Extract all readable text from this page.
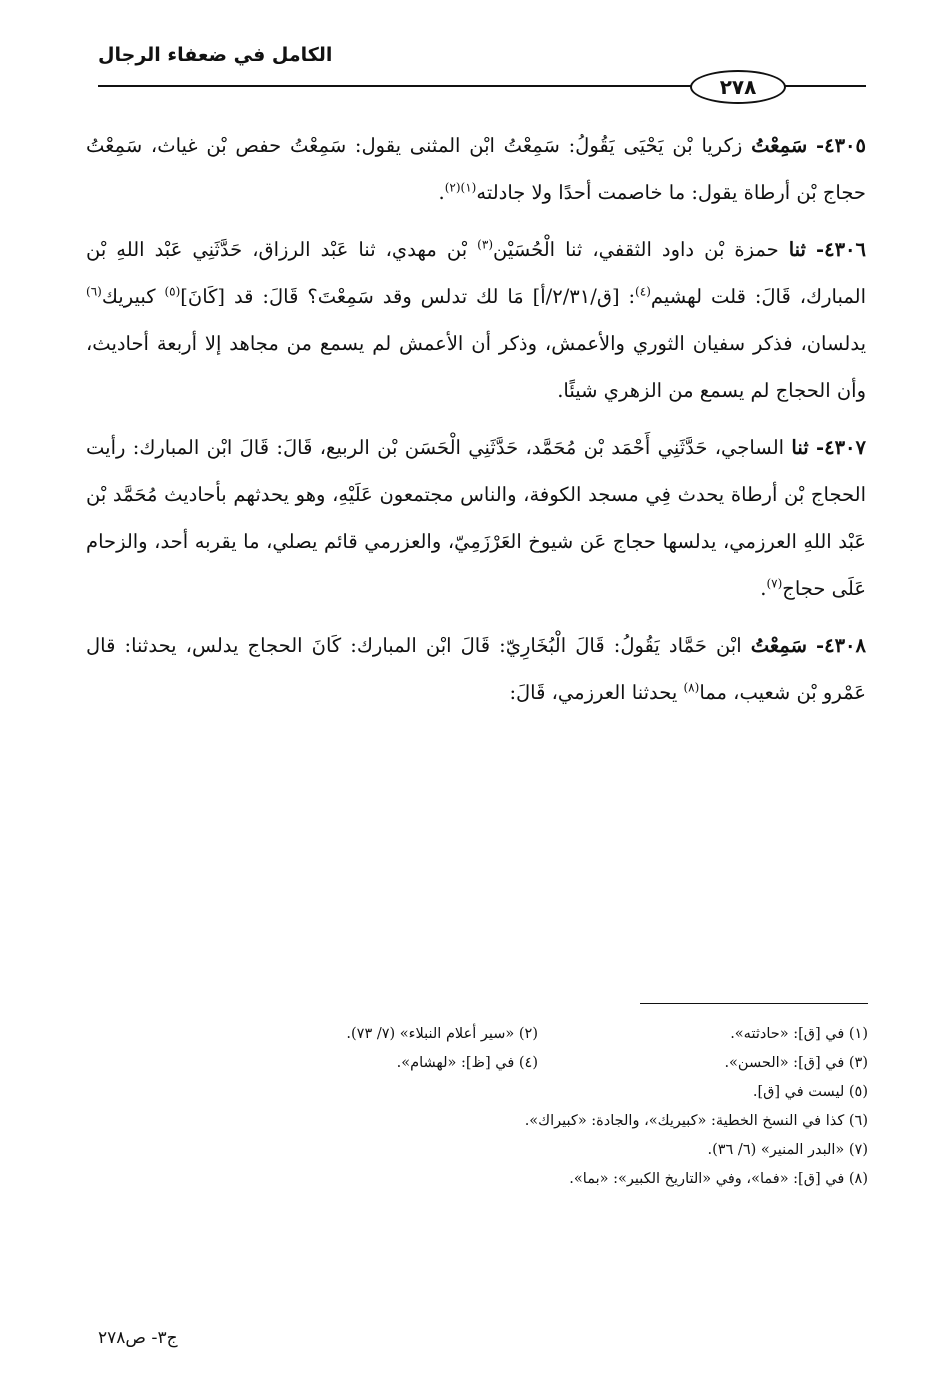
الكامل في ضعفاء الرجال
٢٧٨

٤٣٠٥- سَمِعْتُ زكريا بْن يَحْيَى يَقُولُ: سَمِعْتُ ابْن المثنى يقول: سَمِعْتُ حفص بْن غياث، سَمِعْتُ حجاج بْن أرطاة يقول: ما خاصمت أحدًا ولا جادلته$^{(١)(٢)}$.

٤٣٠٦- ثنا حمزة بْن داود الثقفي، ثنا الْحُسَيْن$^{(٣)}$ بْن مهدي، ثنا عَبْد الرزاق، حَدَّثَنِي عَبْد اللهِ بْن المبارك، قَالَ: قلت لهشيم$^{(٤)}$: [ق/٢/٣١/أ] مَا لك تدلس وقد سَمِعْتَ؟ قَالَ: قد [كَانَ]$^{(٥)}$ كبيريك$^{(٦)}$ يدلسان، فذكر سفيان الثوري والأعمش، وذكر أن الأعمش لم يسمع من مجاهد إلا أربعة أحاديث، وأن الحجاج لم يسمع من الزهري شيئًا.

٤٣٠٧- ثنا الساجي، حَدَّثَنِي أَحْمَد بْن مُحَمَّد، حَدَّثَنِي الْحَسَن بْن الربيع، قَالَ: قَالَ ابْن المبارك: رأيت الحجاج بْن أرطاة يحدث فِي مسجد الكوفة، والناس مجتمعون عَلَيْهِ، وهو يحدثهم بأحاديث مُحَمَّد بْن عَبْد اللهِ العرزمي، يدلسها حجاج عَن شيوخ العَرْزَمِيّ، والعزرمي قائم يصلي، ما يقربه أحد، والزحام عَلَى حجاج$^{(٧)}$.

٤٣٠٨- سَمِعْتُ ابْن حَمَّاد يَقُولُ: قَالَ الْبُخَارِيّ: قَالَ ابْن المبارك: كَانَ الحجاج يدلس، يحدثنا: قال عَمْرو بْن شعيب، مما$^{(٨)}$ يحدثنا العرزمي، قَالَ:

(١) في [ق]: «حادثته».
(٢) «سير أعلام النبلاء» (٧/ ٧٣).
(٣) في [ق]: «الحسن».
(٤) في [ظ]: «لهشام».
(٥) ليست في [ق].
(٦) كذا في النسخ الخطية: «كبيريك»، والجادة: «كبيراك».
(٧) «البدر المنير» (٦/ ٣٦).
(٨) في [ق]: «فما»، وفي «التاريخ الكبير»: «بما».
ج٣- ص٢٧٨
